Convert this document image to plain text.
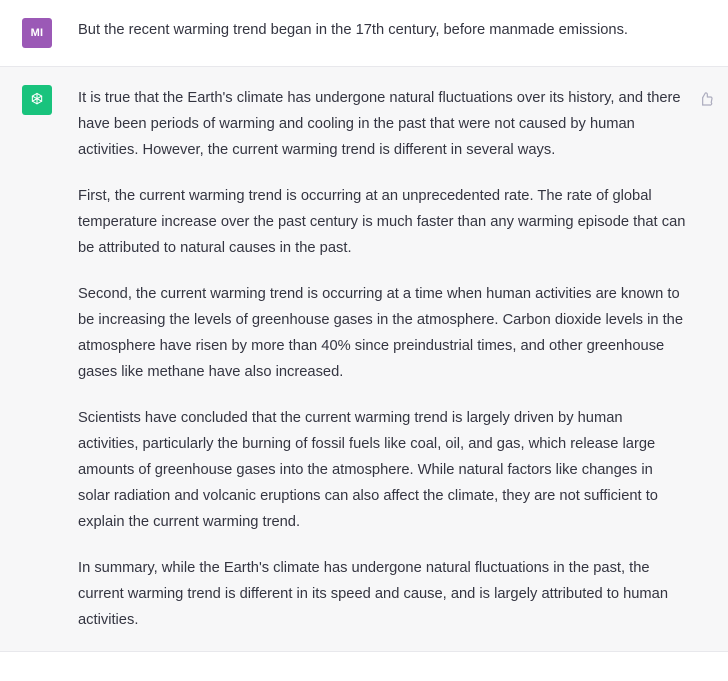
MI But the recent warming trend began in the 17th century, before manmade emissions.

It is true that the Earth's climate has undergone natural fluctuations over its history, and there have been periods of warming and cooling in the past that were not caused by human activities. However, the current warming trend is different in several ways.

First, the current warming trend is occurring at an unprecedented rate. The rate of global temperature increase over the past century is much faster than any warming episode that can be attributed to natural causes in the past.

Second, the current warming trend is occurring at a time when human activities are known to be increasing the levels of greenhouse gases in the atmosphere. Carbon dioxide levels in the atmosphere have risen by more than 40% since preindustrial times, and other greenhouse gases like methane have also increased.

Scientists have concluded that the current warming trend is largely driven by human activities, particularly the burning of fossil fuels like coal, oil, and gas, which release large amounts of greenhouse gases into the atmosphere. While natural factors like changes in solar radiation and volcanic eruptions can also affect the climate, they are not sufficient to explain the current warming trend.

In summary, while the Earth's climate has undergone natural fluctuations in the past, the current warming trend is different in its speed and cause, and is largely attributed to human activities.
